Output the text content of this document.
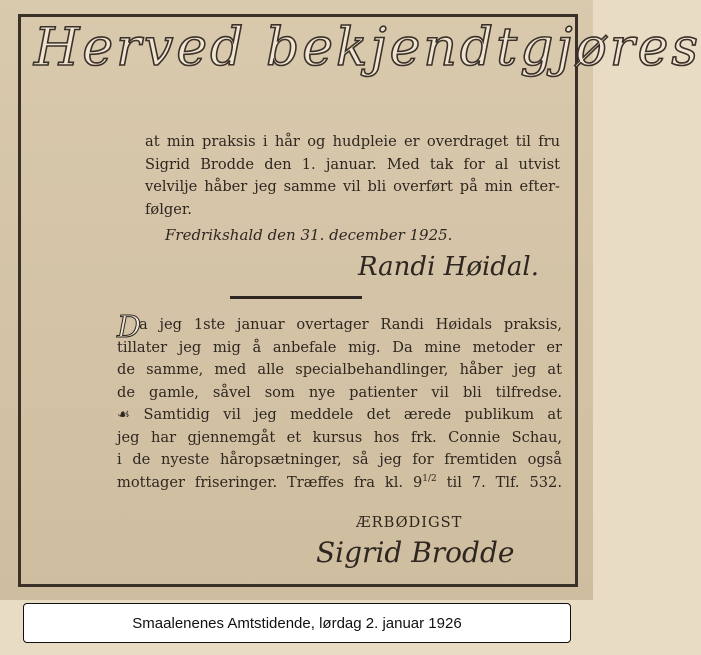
Herved bekjendtgjøres
at min praksis i hår og hudpleie er overdraget til fru
Sigrid Brodde den 1. januar. Med tak for al utvist
velvilje håber jeg samme vil bli overført på min efter-
følger.
Fredrikshald den 31. december 1925.
Randi Høidal.
D
a jeg 1ste januar overtager Randi Høidals praksis,
tillater jeg mig å anbefale mig. Da mine metoder er
de samme, med alle specialbehandlinger, håber jeg at
de gamle, såvel som nye patienter vil bli tilfredse.
☙ Samtidig vil jeg meddele det ærede publikum at
jeg har gjennemgåt et kursus hos frk. Connie Schau,
i de nyeste håropsætninger, så jeg for fremtiden også
mottager friseringer. Træffes fra kl. $9^{1/2}$ til 7. Tlf. 532.
ÆRBØDIGST
Sigrid Brodde
Smaalenenes Amtstidende, lørdag 2. januar 1926
